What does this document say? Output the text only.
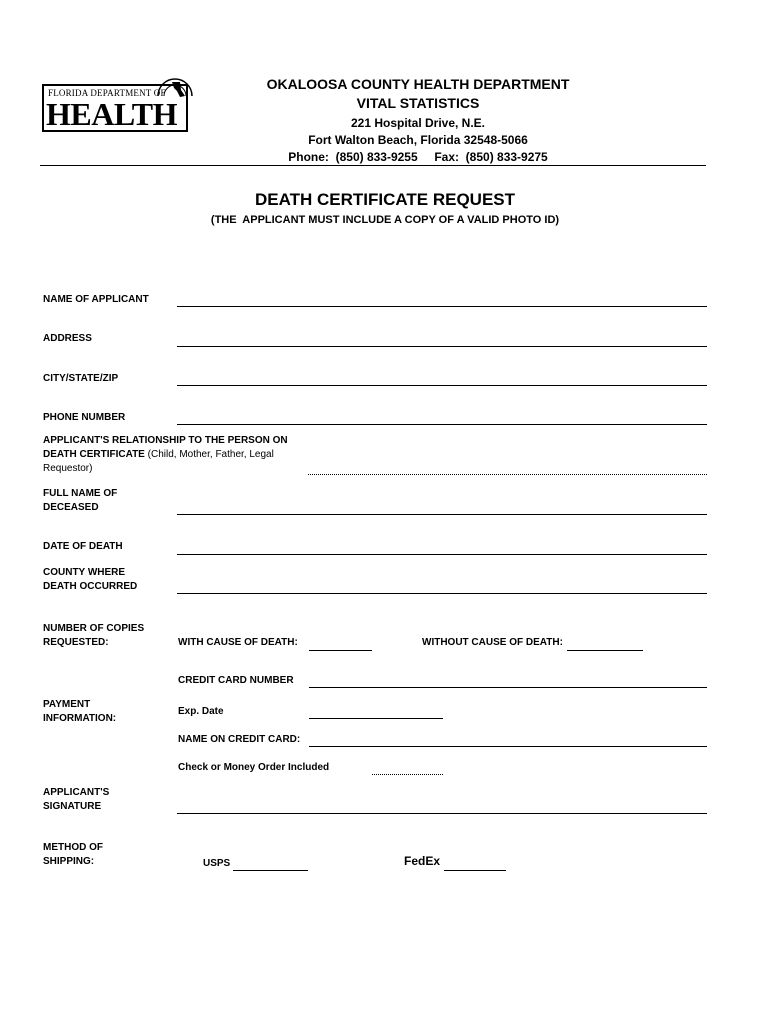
FLORIDA DEPARTMENT OF
HEALTH
OKALOOSA COUNTY HEALTH DEPARTMENT
VITAL STATISTICS
221 Hospital Drive, N.E.
Fort Walton Beach, Florida 32548-5066
Phone:  (850) 833-9255     Fax:  (850) 833-9275
DEATH CERTIFICATE REQUEST
(THE  APPLICANT MUST INCLUDE A COPY OF A VALID PHOTO ID)
NAME OF APPLICANT
ADDRESS
CITY/STATE/ZIP
PHONE NUMBER
APPLICANT'S RELATIONSHIP TO THE PERSON ON
DEATH CERTIFICATE (Child, Mother, Father, Legal
Requestor)
FULL NAME OF
DECEASED
DATE OF DEATH
COUNTY WHERE
DEATH OCCURRED
NUMBER OF COPIES
REQUESTED:	WITH CAUSE OF DEATH:	WITHOUT CAUSE OF DEATH:
CREDIT CARD NUMBER
PAYMENT
INFORMATION:
Exp. Date
NAME ON CREDIT CARD:
Check or Money Order Included
APPLICANT'S
SIGNATURE
METHOD OF
SHIPPING:	USPS	FedEx
